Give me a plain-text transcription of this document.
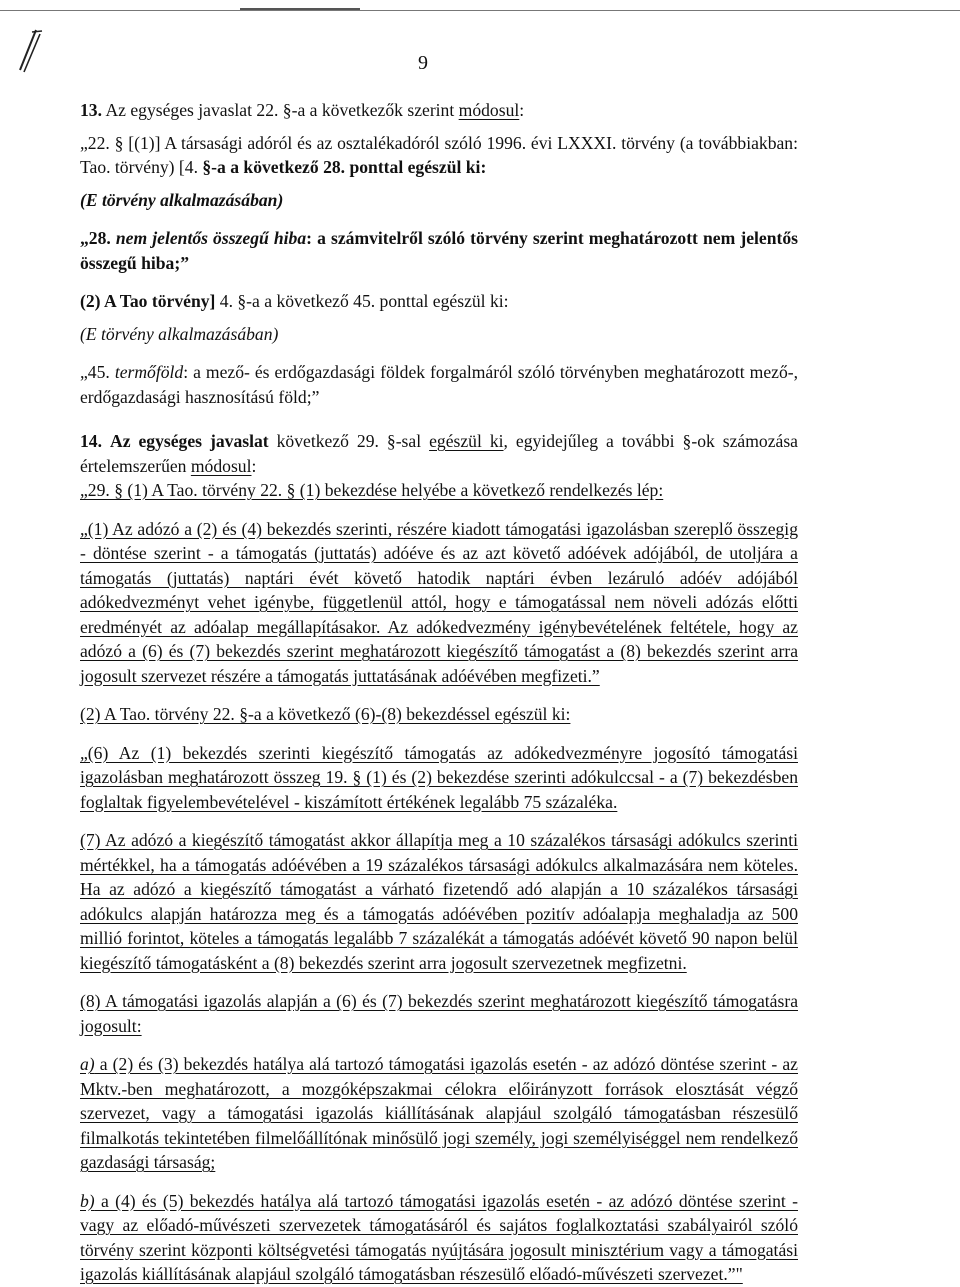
9

13. Az egységes javaslat 22. §-a a következők szerint módosul:

„22. § [(1)] A társasági adóról és az osztalékadóról szóló 1996. évi LXXXI. törvény (a továbbiakban: Tao. törvény) [4. §-a a következő 28. ponttal egészül ki:

(E törvény alkalmazásában)

„28. nem jelentős összegű hiba: a számvitelről szóló törvény szerint meghatározott nem jelentős összegű hiba;”

(2) A Tao törvény] 4. §-a a következő 45. ponttal egészül ki:

(E törvény alkalmazásában)

„45. termőföld: a mező- és erdőgazdasági földek forgalmáról szóló törvényben meghatározott mező-, erdőgazdasági hasznosítású föld;”

14. Az egységes javaslat következő 29. §-sal egészül ki, egyidejűleg a további §-ok számozása értelemszerűen módosul:

„29. § (1) A Tao. törvény 22. § (1) bekezdése helyébe a következő rendelkezés lép:

„(1) Az adózó a (2) és (4) bekezdés szerinti, részére kiadott támogatási igazolásban szereplő összegig - döntése szerint - a támogatás (juttatás) adóéve és az azt követő adóévek adójából, de utoljára a támogatás (juttatás) naptári évét követő hatodik naptári évben lezáruló adóév adójából adókedvezményt vehet igénybe, függetlenül attól, hogy e támogatással nem növeli adózás előtti eredményét az adóalap megállapításakor. Az adókedvezmény igénybevételének feltétele, hogy az adózó a (6) és (7) bekezdés szerint meghatározott kiegészítő támogatást a (8) bekezdés szerint arra jogosult szervezet részére a támogatás juttatásának adóévében megfizeti.”

(2) A Tao. törvény 22. §-a a következő (6)-(8) bekezdéssel egészül ki:

„(6) Az (1) bekezdés szerinti kiegészítő támogatás az adókedvezményre jogosító támogatási igazolásban meghatározott összeg 19. § (1) és (2) bekezdése szerinti adókulccsal - a (7) bekezdésben foglaltak figyelembevételével - kiszámított értékének legalább 75 százaléka.

(7) Az adózó a kiegészítő támogatást akkor állapítja meg a 10 százalékos társasági adókulcs szerinti mértékkel, ha a támogatás adóévében a 19 százalékos társasági adókulcs alkalmazására nem köteles. Ha az adózó a kiegészítő támogatást a várható fizetendő adó alapján a 10 százalékos társasági adókulcs alapján határozza meg és a támogatás adóévében pozitív adóalapja meghaladja az 500 millió forintot, köteles a támogatás legalább 7 százalékát a támogatás adóévét követő 90 napon belül kiegészítő támogatásként a (8) bekezdés szerint arra jogosult szervezetnek megfizetni.

(8) A támogatási igazolás alapján a (6) és (7) bekezdés szerint meghatározott kiegészítő támogatásra jogosult:

a) a (2) és (3) bekezdés hatálya alá tartozó támogatási igazolás esetén - az adózó döntése szerint - az Mktv.-ben meghatározott, a mozgóképszakmai célokra előirányzott források elosztását végző szervezet, vagy a támogatási igazolás kiállításának alapjául szolgáló támogatásban részesülő filmalkotás tekintetében filmelőállítónak minősülő jogi személy, jogi személyiséggel nem rendelkező gazdasági társaság;

b) a (4) és (5) bekezdés hatálya alá tartozó támogatási igazolás esetén - az adózó döntése szerint - vagy az előadó-művészeti szervezetek támogatásáról és sajátos foglalkoztatási szabályairól szóló törvény szerint központi költségvetési támogatás nyújtására jogosult minisztérium vagy a támogatási igazolás kiállításának alapjául szolgáló támogatásban részesülő előadó-művészeti szervezet.”"
